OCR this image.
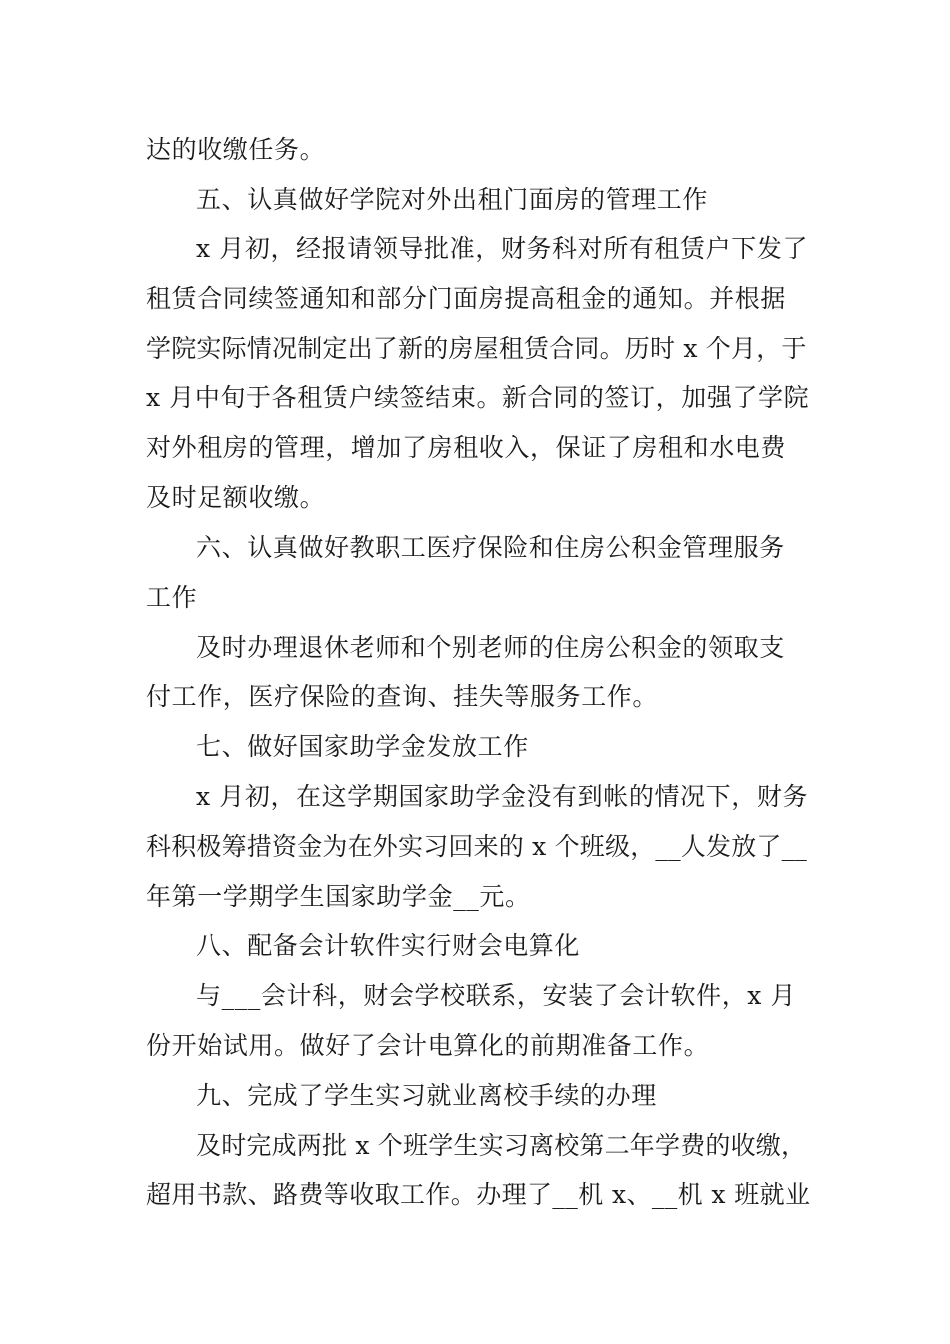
达的收缴任务。

五、认真做好学院对外出租门面房的管理工作

x 月初，经报请领导批准，财务科对所有租赁户下发了

租赁合同续签通知和部分门面房提高租金的通知。并根据

学院实际情况制定出了新的房屋租赁合同。历时 x 个月，于

x 月中旬于各租赁户续签结束。新合同的签订，加强了学院

对外租房的管理，增加了房租收入，保证了房租和水电费

及时足额收缴。

六、认真做好教职工医疗保险和住房公积金管理服务

工作

及时办理退休老师和个别老师的住房公积金的领取支

付工作，医疗保险的查询、挂失等服务工作。

七、做好国家助学金发放工作

x 月初，在这学期国家助学金没有到帐的情况下，财务

科积极筹措资金为在外实习回来的 x 个班级，__人发放了__

年第一学期学生国家助学金__元。

八、配备会计软件实行财会电算化

与___会计科，财会学校联系，安装了会计软件，x 月

份开始试用。做好了会计电算化的前期准备工作。

九、完成了学生实习就业离校手续的办理

及时完成两批 x 个班学生实习离校第二年学费的收缴，

超用书款、路费等收取工作。办理了__机 x、__机 x 班就业
